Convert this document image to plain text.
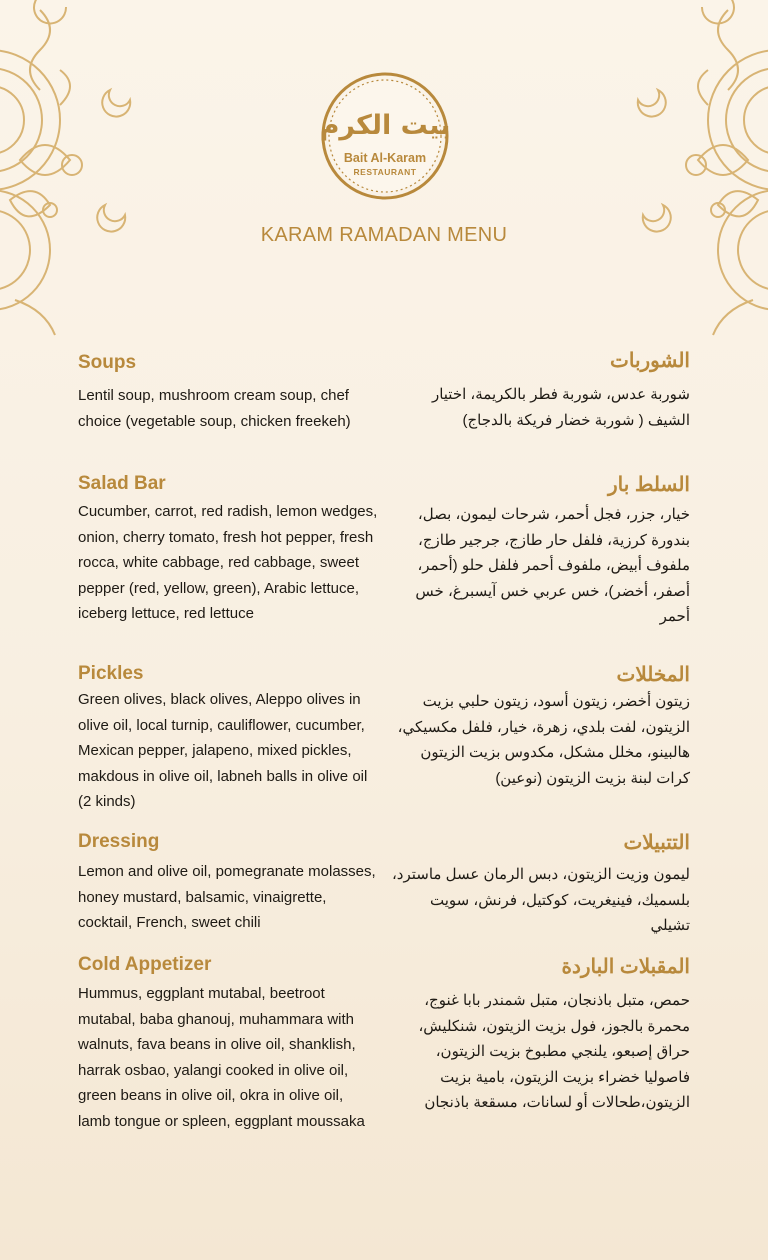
بيت الكرم
Bait Al-Karam
RESTAURANT
KARAM RAMADAN MENU
Soups

Lentil soup, mushroom cream soup, chef choice (vegetable soup, chicken freekeh)

Salad Bar

Cucumber, carrot, red radish, lemon wedges, onion, cherry tomato, fresh hot pepper, fresh rocca, white cabbage, red cabbage, sweet pepper (red, yellow, green), Arabic lettuce, iceberg lettuce, red lettuce

Pickles

Green olives, black olives, Aleppo olives in olive oil, local turnip, cauliflower, cucumber, Mexican pepper, jalapeno, mixed pickles, makdous in olive oil, labneh balls in olive oil (2 kinds)

Dressing

Lemon and olive oil, pomegranate molasses, honey mustard, balsamic, vinaigrette, cocktail, French, sweet chili

Cold Appetizer

Hummus, eggplant mutabal, beetroot mutabal, baba ghanouj, muhammara with walnuts, fava beans in olive oil, shanklish, harrak osbao, yalangi cooked in olive oil, green beans in olive oil, okra in olive oil, lamb tongue or spleen, eggplant moussaka

الشوربات

شوربة عدس، شوربة فطر بالكريمة، اختيار الشيف ( شوربة خضار فريكة بالدجاج)

السلط بار

خيار، جزر، فجل أحمر، شرحات ليمون، بصل، بندورة كرزية، فلفل حار طازج، جرجير طازج، ملفوف أبيض، ملفوف أحمر فلفل حلو (أحمر، أصفر، أخضر)، خس عربي خس آيسبرغ، خس أحمر

المخللات

زيتون أخضر، زيتون أسود، زيتون حلبي بزيت الزيتون، لفت بلدي، زهرة، خيار، فلفل مكسيكي، هالبينو، مخلل مشكل، مكدوس بزيت الزيتون كرات لبنة بزيت الزيتون (نوعين)

التتبيلات

ليمون وزيت الزيتون، دبس الرمان عسل ماسترد، بلسميك، فينيغريت، كوكتيل، فرنش، سويت تشيلي

المقبلات الباردة

حمص، متبل باذنجان، متبل شمندر بابا غنوج، محمرة بالجوز، فول بزيت الزيتون، شنكليش، حراق إصبعو، يلنجي مطبوخ بزيت الزيتون، فاصوليا خضراء بزيت الزيتون، بامية بزيت الزيتون،طحالات أو لسانات، مسقعة باذنجان
